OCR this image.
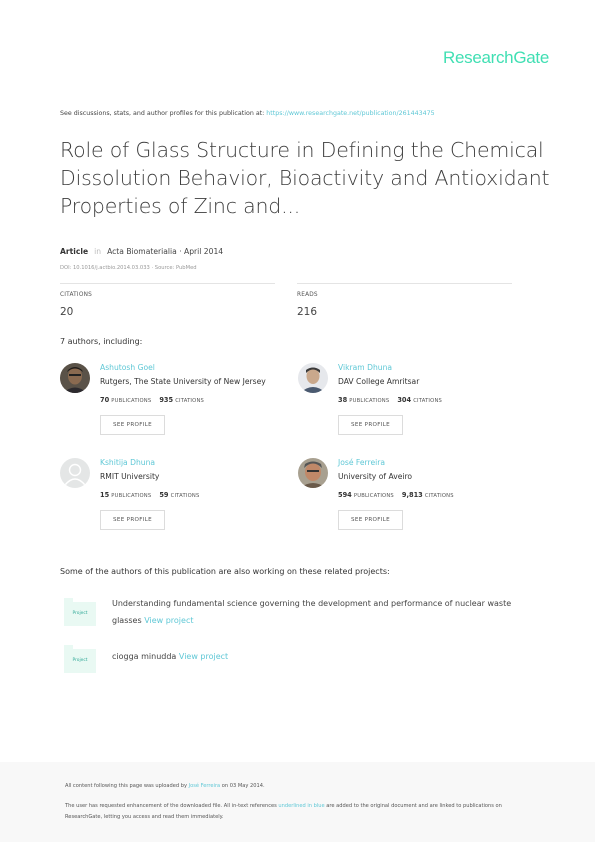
ResearchGate
See discussions, stats, and author profiles for this publication at: https://www.researchgate.net/publication/261443475
Role of Glass Structure in Defining the Chemical Dissolution Behavior, Bioactivity and Antioxidant Properties of Zinc and...
Article in Acta Biomaterialia · April 2014
DOI: 10.1016/j.actbio.2014.03.033 · Source: PubMed
CITATIONS
20
READS
216
7 authors, including:
Ashutosh Goel
Rutgers, The State University of New Jersey
70 PUBLICATIONS 935 CITATIONS
SEE PROFILE
Vikram Dhuna
DAV College Amritsar
38 PUBLICATIONS 304 CITATIONS
SEE PROFILE
Kshitija Dhuna
RMIT University
15 PUBLICATIONS 59 CITATIONS
SEE PROFILE
José Ferreira
University of Aveiro
594 PUBLICATIONS 9,813 CITATIONS
SEE PROFILE
Some of the authors of this publication are also working on these related projects:
Project
Understanding fundamental science governing the development and performance of nuclear waste glasses View project
Project	ciogga minudda View project
All content following this page was uploaded by José Ferreira on 03 May 2014.
The user has requested enhancement of the downloaded file. All in-text references underlined in blue are added to the original document and are linked to publications on ResearchGate, letting you access and read them immediately.
